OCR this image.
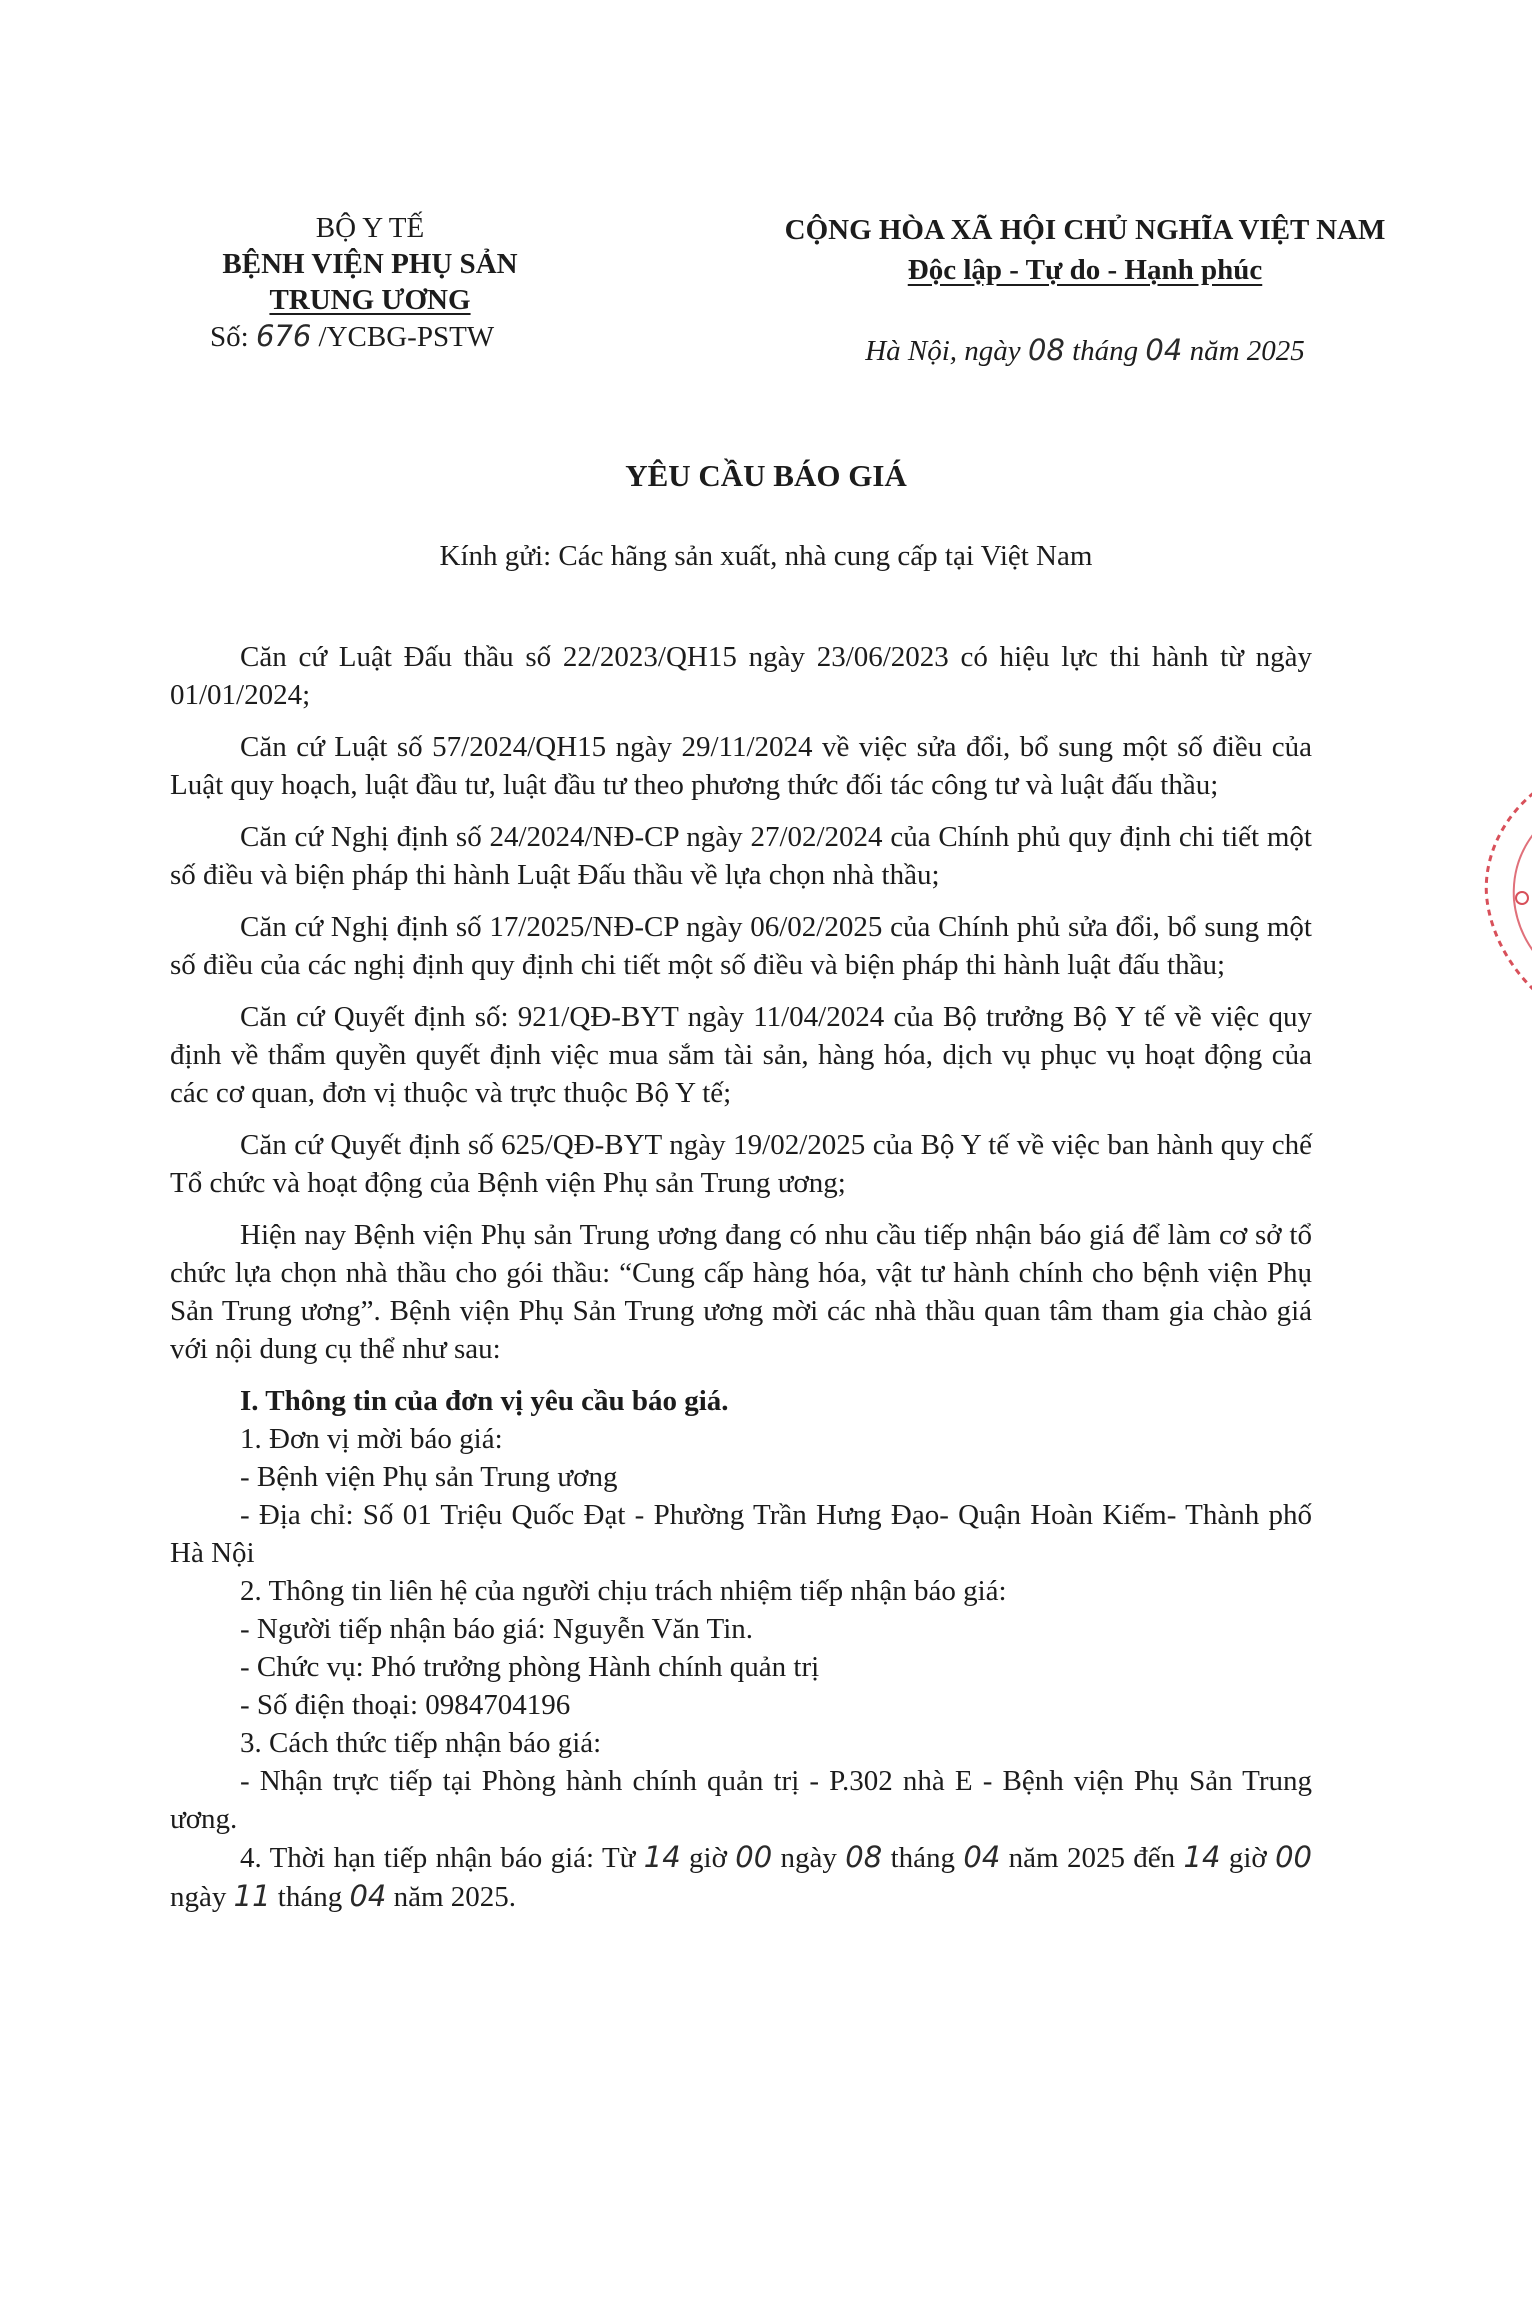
BỘ Y TẾ
BỆNH VIỆN PHỤ SẢN
TRUNG ƯƠNG
Số: 676 /YCBG-PSTW
CỘNG HÒA XÃ HỘI CHỦ NGHĨA VIỆT NAM
Độc lập - Tự do - Hạnh phúc
Hà Nội, ngày 08 tháng 04 năm 2025
YÊU CẦU BÁO GIÁ
Kính gửi: Các hãng sản xuất, nhà cung cấp tại Việt Nam

Căn cứ Luật Đấu thầu số 22/2023/QH15 ngày 23/06/2023 có hiệu lực thi hành từ ngày 01/01/2024;

Căn cứ Luật số 57/2024/QH15 ngày 29/11/2024 về việc sửa đổi, bổ sung một số điều của Luật quy hoạch, luật đầu tư, luật đầu tư theo phương thức đối tác công tư và luật đấu thầu;

Căn cứ Nghị định số 24/2024/NĐ-CP ngày 27/02/2024 của Chính phủ quy định chi tiết một số điều và biện pháp thi hành Luật Đấu thầu về lựa chọn nhà thầu;

Căn cứ Nghị định số 17/2025/NĐ-CP ngày 06/02/2025 của Chính phủ sửa đổi, bổ sung một số điều của các nghị định quy định chi tiết một số điều và biện pháp thi hành luật đấu thầu;

Căn cứ Quyết định số: 921/QĐ-BYT ngày 11/04/2024 của Bộ trưởng Bộ Y tế về việc quy định về thẩm quyền quyết định việc mua sắm tài sản, hàng hóa, dịch vụ phục vụ hoạt động của các cơ quan, đơn vị thuộc và trực thuộc Bộ Y tế;

Căn cứ Quyết định số 625/QĐ-BYT ngày 19/02/2025 của Bộ Y tế về việc ban hành quy chế Tổ chức và hoạt động của Bệnh viện Phụ sản Trung ương;

Hiện nay Bệnh viện Phụ sản Trung ương đang có nhu cầu tiếp nhận báo giá để làm cơ sở tổ chức lựa chọn nhà thầu cho gói thầu: “Cung cấp hàng hóa, vật tư hành chính cho bệnh viện Phụ Sản Trung ương”. Bệnh viện Phụ Sản Trung ương mời các nhà thầu quan tâm tham gia chào giá với nội dung cụ thể như sau:

I. Thông tin của đơn vị yêu cầu báo giá.
1. Đơn vị mời báo giá:
- Bệnh viện Phụ sản Trung ương
- Địa chỉ: Số 01 Triệu Quốc Đạt - Phường Trần Hưng Đạo- Quận Hoàn Kiếm- Thành phố Hà Nội
2. Thông tin liên hệ của người chịu trách nhiệm tiếp nhận báo giá:
- Người tiếp nhận báo giá: Nguyễn Văn Tin.
- Chức vụ: Phó trưởng phòng Hành chính quản trị
- Số điện thoại: 0984704196
3. Cách thức tiếp nhận báo giá:
- Nhận trực tiếp tại Phòng hành chính quản trị - P.302 nhà E - Bệnh viện Phụ Sản Trung ương.
4. Thời hạn tiếp nhận báo giá: Từ 14 giờ 00 ngày 08 tháng 04 năm 2025 đến 14 giờ 00 ngày 11 tháng 04 năm 2025.
